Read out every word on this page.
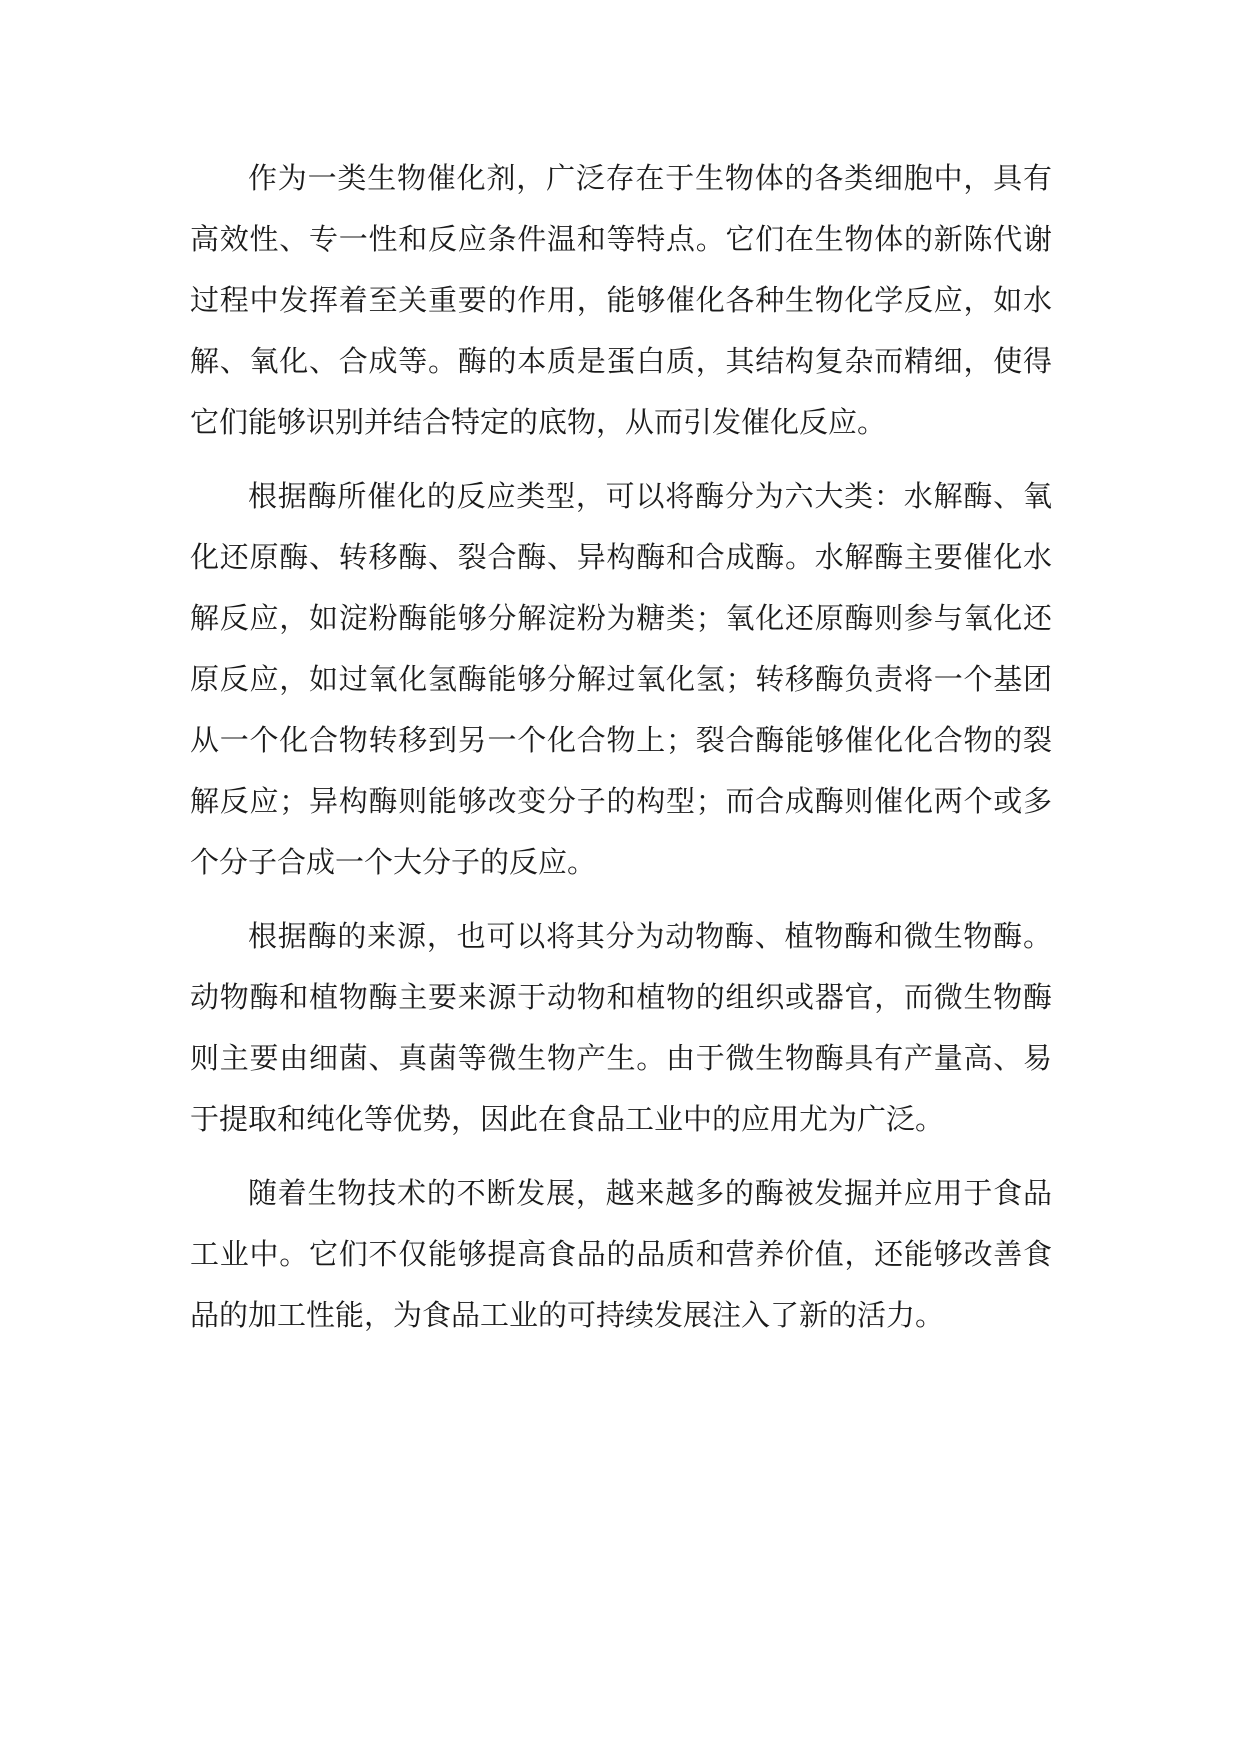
作为一类生物催化剂，广泛存在于生物体的各类细胞中，具有高效性、专一性和反应条件温和等特点。它们在生物体的新陈代谢过程中发挥着至关重要的作用，能够催化各种生物化学反应，如水解、氧化、合成等。酶的本质是蛋白质，其结构复杂而精细，使得它们能够识别并结合特定的底物，从而引发催化反应。

根据酶所催化的反应类型，可以将酶分为六大类：水解酶、氧化还原酶、转移酶、裂合酶、异构酶和合成酶。水解酶主要催化水解反应，如淀粉酶能够分解淀粉为糖类；氧化还原酶则参与氧化还原反应，如过氧化氢酶能够分解过氧化氢；转移酶负责将一个基团从一个化合物转移到另一个化合物上；裂合酶能够催化化合物的裂解反应；异构酶则能够改变分子的构型；而合成酶则催化两个或多个分子合成一个大分子的反应。

根据酶的来源，也可以将其分为动物酶、植物酶和微生物酶。动物酶和植物酶主要来源于动物和植物的组织或器官，而微生物酶则主要由细菌、真菌等微生物产生。由于微生物酶具有产量高、易于提取和纯化等优势，因此在食品工业中的应用尤为广泛。

随着生物技术的不断发展，越来越多的酶被发掘并应用于食品工业中。它们不仅能够提高食品的品质和营养价值，还能够改善食品的加工性能，为食品工业的可持续发展注入了新的活力。
